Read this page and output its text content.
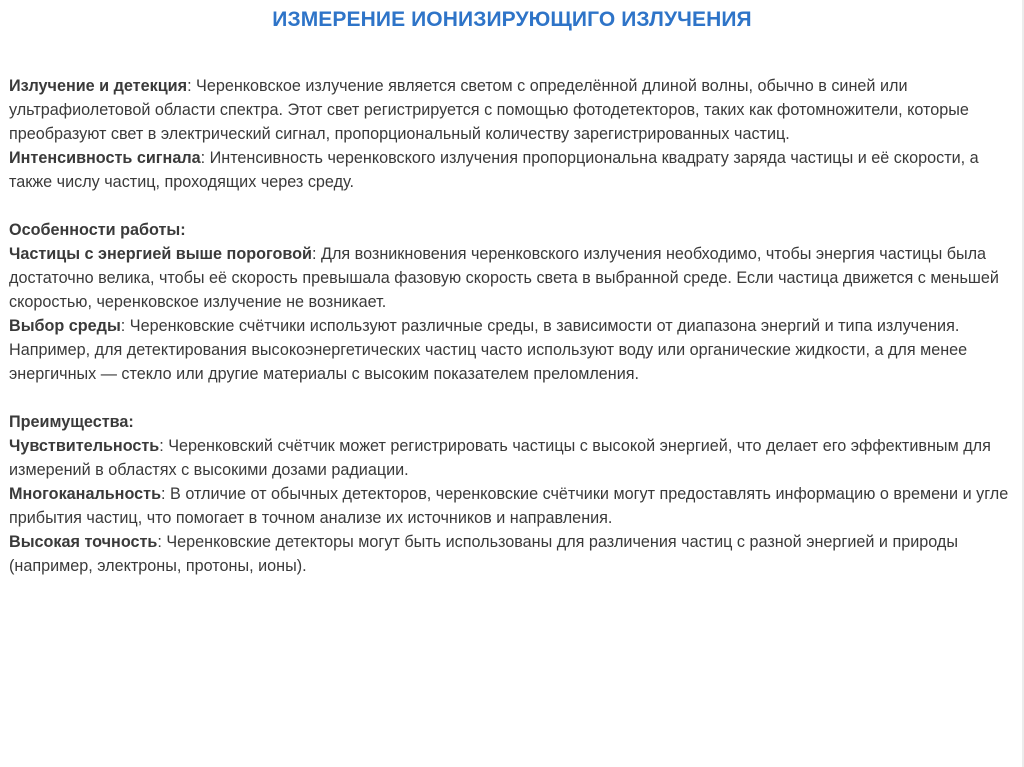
ИЗМЕРЕНИЕ ИОНИЗИРУЮЩИГО ИЗЛУЧЕНИЯ

Излучение и детекция: Черенковское излучение является светом с определённой длиной волны, обычно в синей или ультрафиолетовой области спектра. Этот свет регистрируется с помощью фотодетекторов, таких как фотомножители, которые преобразуют свет в электрический сигнал, пропорциональный количеству зарегистрированных частиц.

Интенсивность сигнала: Интенсивность черенковского излучения пропорциональна квадрату заряда частицы и её скорости, а также числу частиц, проходящих через среду.

Особенности работы:

Частицы с энергией выше пороговой: Для возникновения черенковского излучения необходимо, чтобы энергия частицы была достаточно велика, чтобы её скорость превышала фазовую скорость света в выбранной среде. Если частица движется с меньшей скоростью, черенковское излучение не возникает.

Выбор среды: Черенковские счётчики используют различные среды, в зависимости от диапазона энергий и типа излучения. Например, для детектирования высокоэнергетических частиц часто используют воду или органические жидкости, а для менее энергичных — стекло или другие материалы с высоким показателем преломления.

Преимущества:

Чувствительность: Черенковский счётчик может регистрировать частицы с высокой энергией, что делает его эффективным для измерений в областях с высокими дозами радиации.

Многоканальность: В отличие от обычных детекторов, черенковские счётчики могут предоставлять информацию о времени и угле прибытия частиц, что помогает в точном анализе их источников и направления.

Высокая точность: Черенковские детекторы могут быть использованы для различения частиц с разной энергией и природы (например, электроны, протоны, ионы).
